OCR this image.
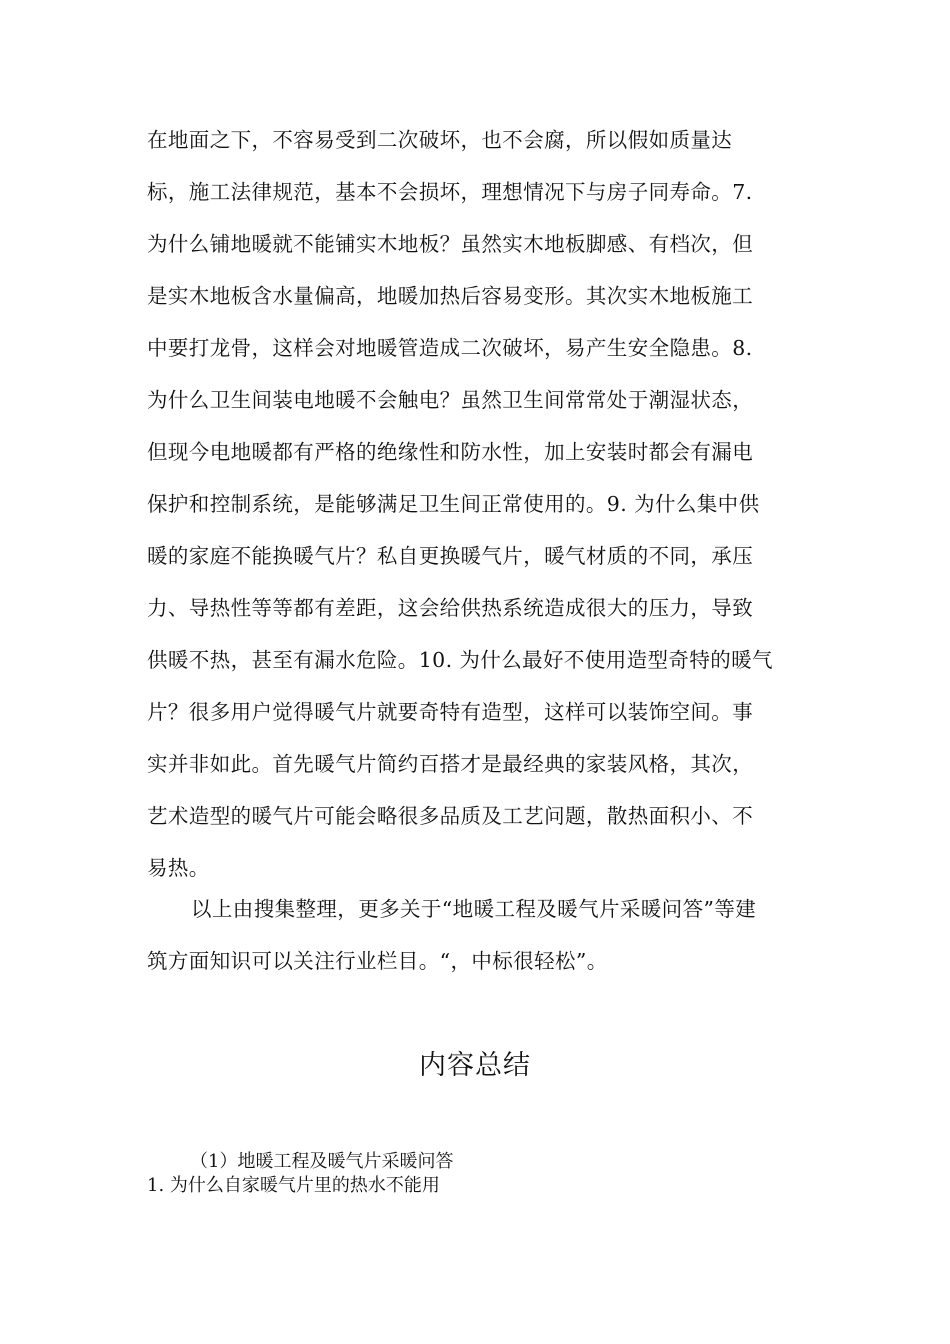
在地面之下，不容易受到二次破坏，也不会腐，所以假如质量达
标，施工法律规范，基本不会损坏，理想情况下与房子同寿命。7.
为什么铺地暖就不能铺实木地板？虽然实木地板脚感、有档次，但
是实木地板含水量偏高，地暖加热后容易变形。其次实木地板施工
中要打龙骨，这样会对地暖管造成二次破坏，易产生安全隐患。8.
为什么卫生间装电地暖不会触电？虽然卫生间常常处于潮湿状态，
但现今电地暖都有严格的绝缘性和防水性，加上安装时都会有漏电
保护和控制系统，是能够满足卫生间正常使用的。9. 为什么集中供
暖的家庭不能换暖气片？私自更换暖气片，暖气材质的不同，承压
力、导热性等等都有差距，这会给供热系统造成很大的压力，导致
供暖不热，甚至有漏水危险。10. 为什么最好不使用造型奇特的暖气
片？很多用户觉得暖气片就要奇特有造型，这样可以装饰空间。事
实并非如此。首先暖气片简约百搭才是最经典的家装风格，其次，
艺术造型的暖气片可能会略很多品质及工艺问题，散热面积小、不
易热。
以上由搜集整理，更多关于“地暖工程及暖气片采暖问答”等建
筑方面知识可以关注行业栏目。“，中标很轻松”。
内容总结
（1）地暖工程及暖气片采暖问答
1. 为什么自家暖气片里的热水不能用
